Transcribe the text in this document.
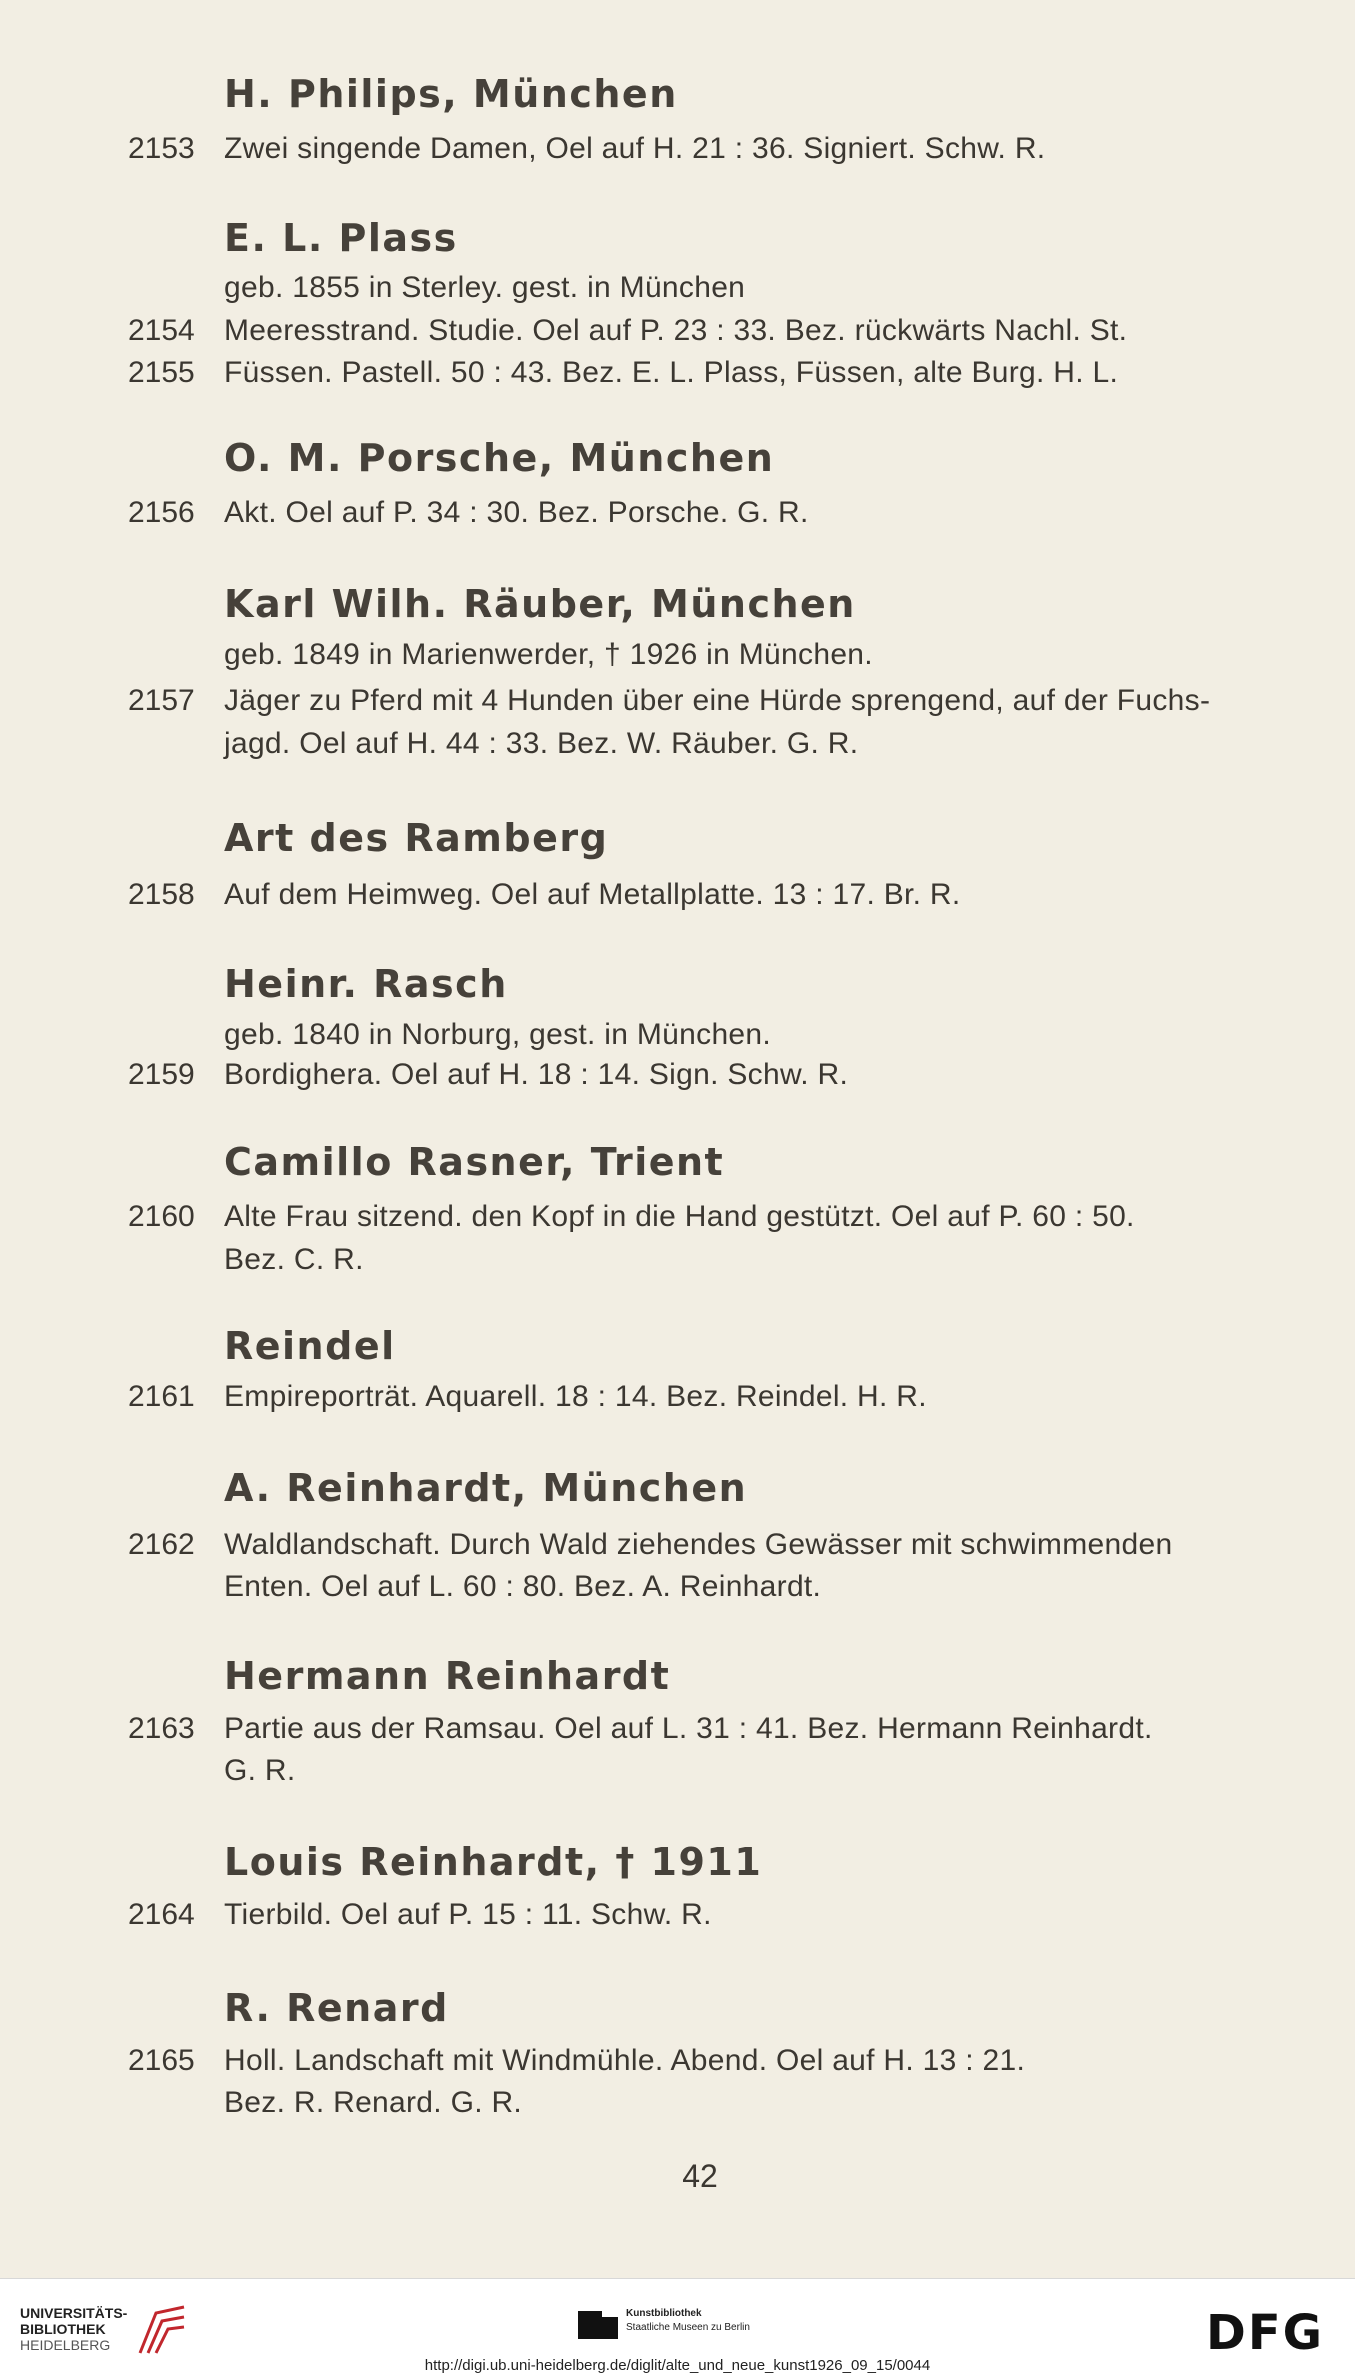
H. Philips, München
2153 Zwei singende Damen, Oel auf H. 21 : 36. Signiert. Schw. R.
E. L. Plass
geb. 1855 in Sterley. gest. in München
2154 Meeresstrand. Studie. Oel auf P. 23 : 33. Bez. rückwärts Nachl. St.
2155 Füssen. Pastell. 50 : 43. Bez. E. L. Plass, Füssen, alte Burg. H. L.
O. M. Porsche, München
2156 Akt. Oel auf P. 34 : 30. Bez. Porsche. G. R.
Karl Wilh. Räuber, München
geb. 1849 in Marienwerder, † 1926 in München.
2157 Jäger zu Pferd mit 4 Hunden über eine Hürde sprengend, auf der Fuchs-
jagd. Oel auf H. 44 : 33. Bez. W. Räuber. G. R.
Art des Ramberg
2158 Auf dem Heimweg. Oel auf Metallplatte. 13 : 17. Br. R.
Heinr. Rasch
geb. 1840 in Norburg, gest. in München.
2159 Bordighera. Oel auf H. 18 : 14. Sign. Schw. R.
Camillo Rasner, Trient
2160 Alte Frau sitzend. den Kopf in die Hand gestützt. Oel auf P. 60 : 50.
Bez. C. R.
Reindel
2161 Empireporträt. Aquarell. 18 : 14. Bez. Reindel. H. R.
A. Reinhardt, München
2162 Waldlandschaft. Durch Wald ziehendes Gewässer mit schwimmenden
Enten. Oel auf L. 60 : 80. Bez. A. Reinhardt.
Hermann Reinhardt
2163 Partie aus der Ramsau. Oel auf L. 31 : 41. Bez. Hermann Reinhardt.
G. R.
Louis Reinhardt, † 1911
2164 Tierbild. Oel auf P. 15 : 11. Schw. R.
R. Renard
2165 Holl. Landschaft mit Windmühle. Abend. Oel auf H. 13 : 21.
Bez. R. Renard. G. R.
42
UNIVERSITÄTS-
BIBLIOTHEK
HEIDELBERG
Kunstbibliothek
Staatliche Museen zu Berlin	DFG
http://digi.ub.uni-heidelberg.de/diglit/alte_und_neue_kunst1926_09_15/0044
